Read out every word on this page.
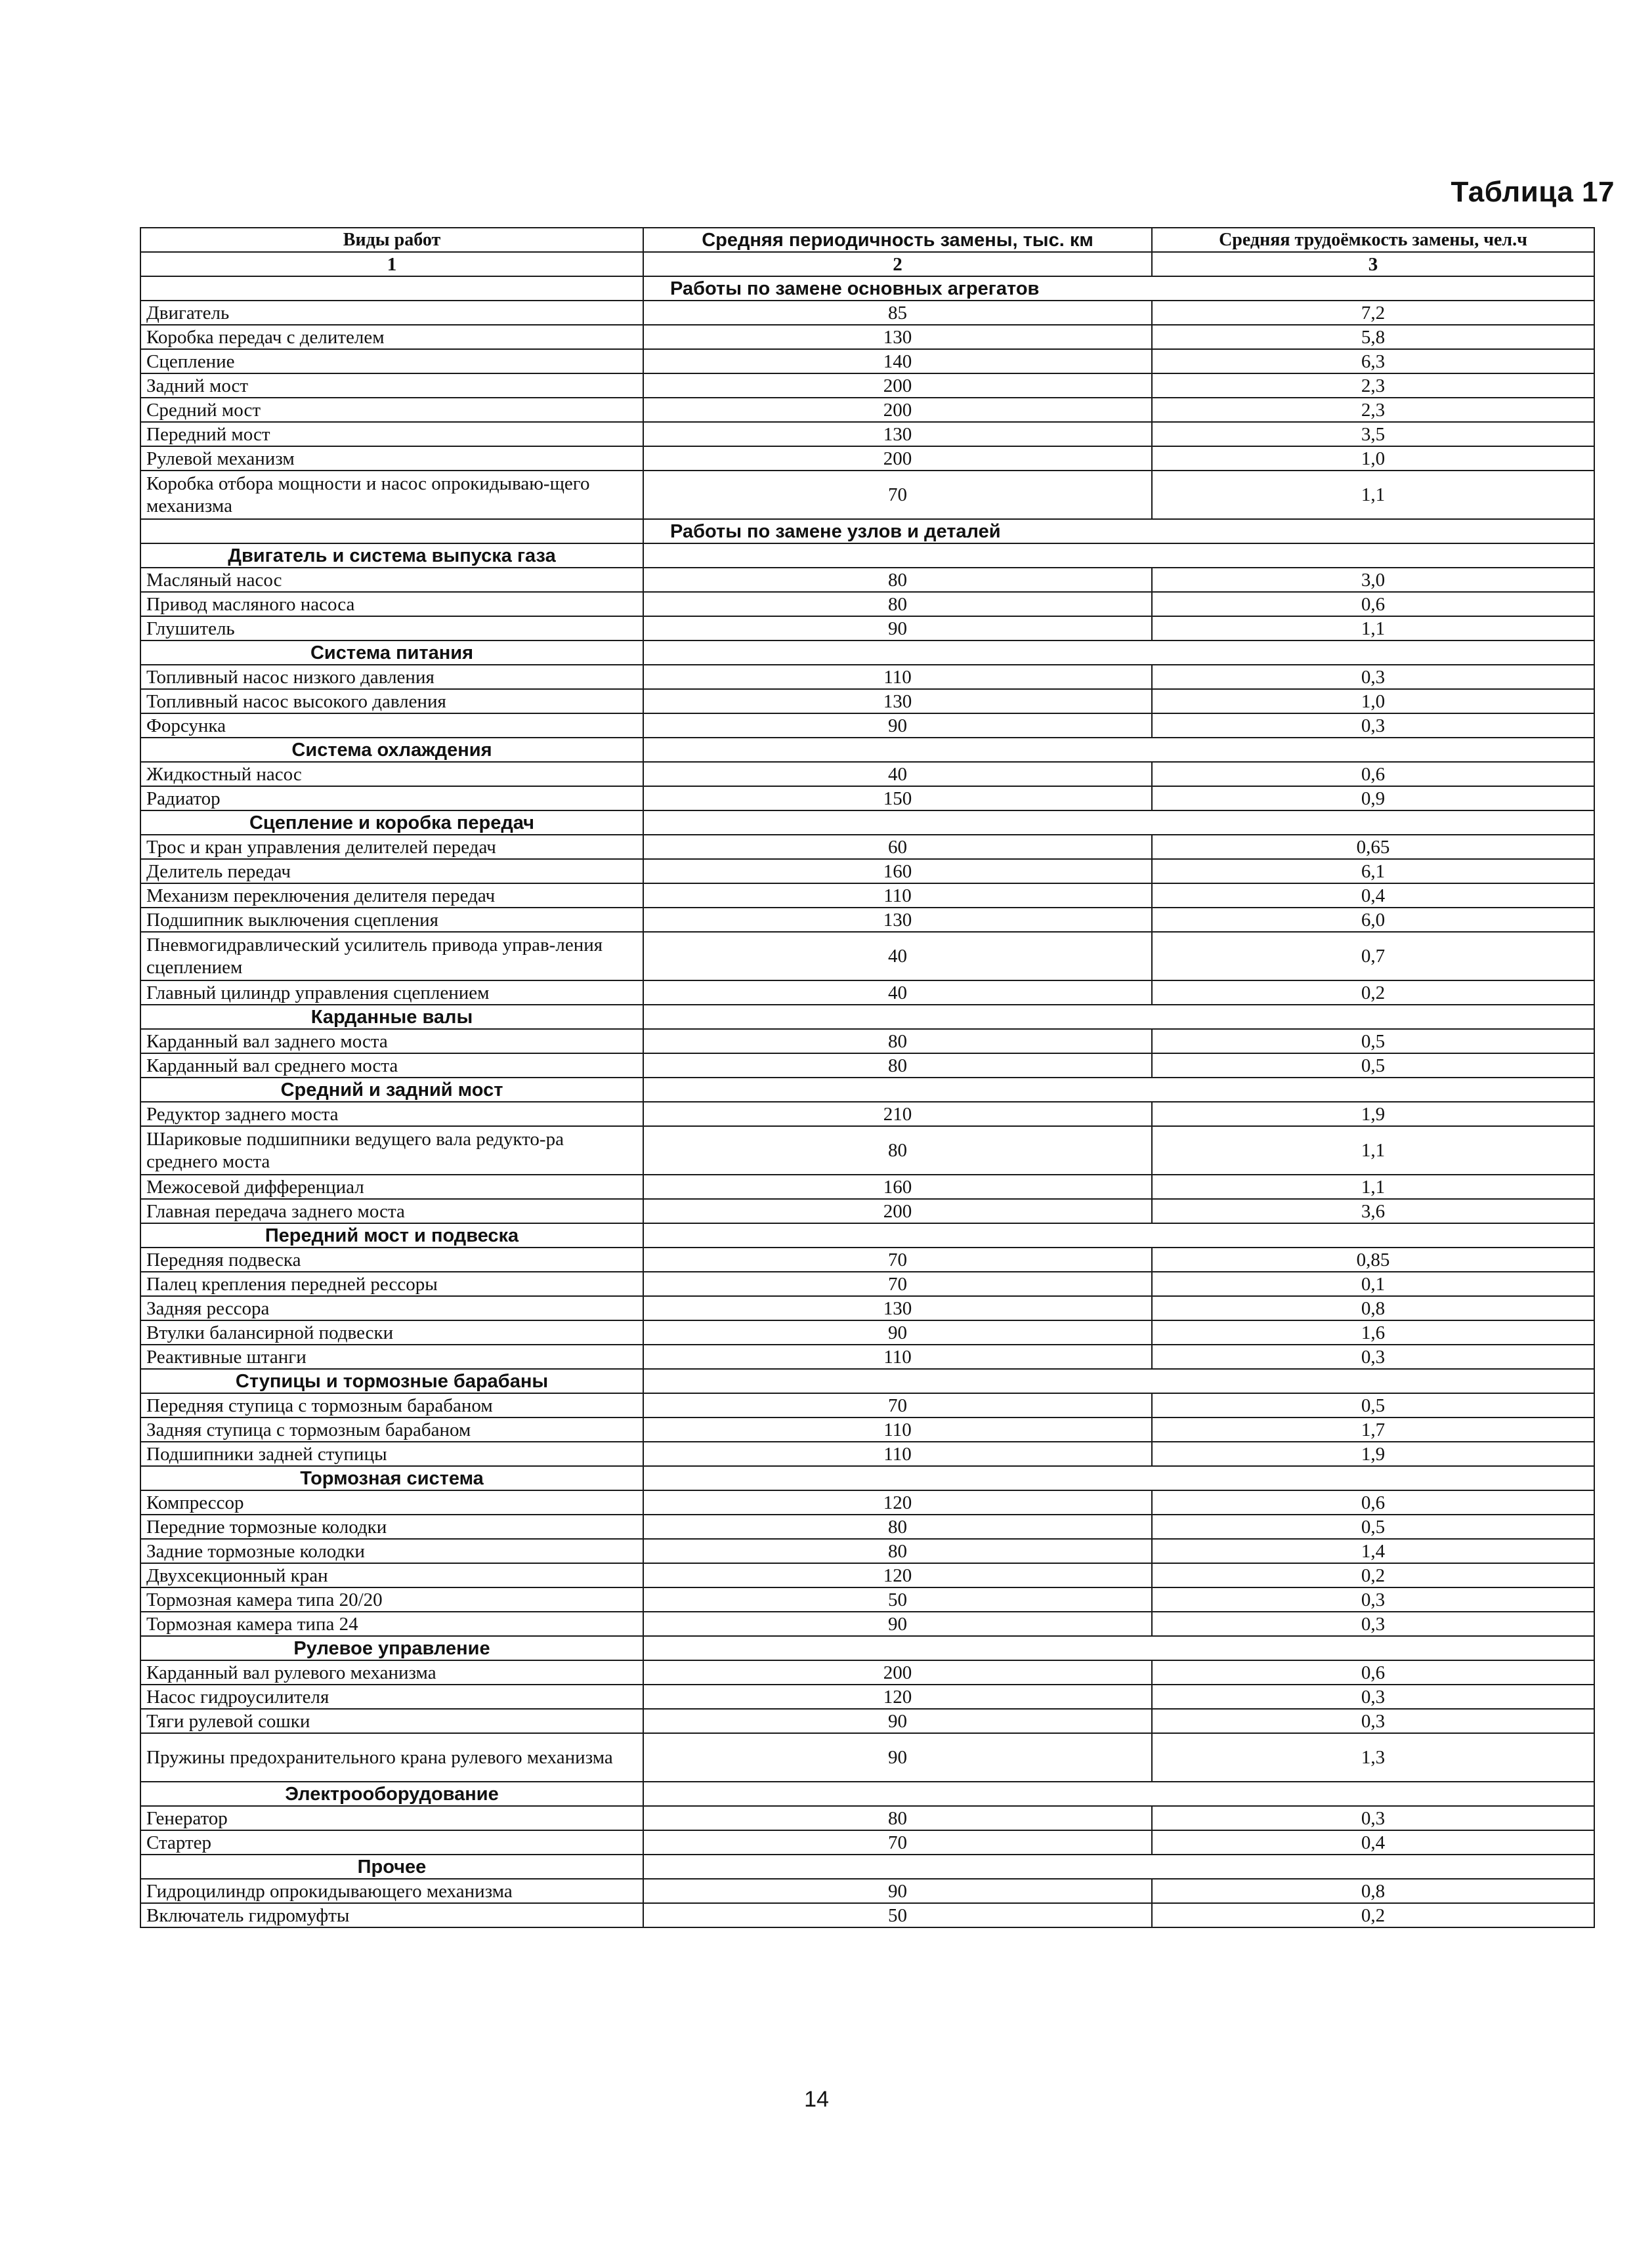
Таблица 17
Виды работ	Средняя периодичность замены, тыс. км	Средняя трудоёмкость замены, чел.ч
1	2	3
	Работы по замене основных агрегатов	
Двигатель	85	7,2
Коробка передач с делителем	130	5,8
Сцепление	140	6,3
Задний мост	200	2,3
Средний мост	200	2,3
Передний мост	130	3,5
Рулевой механизм	200	1,0
Коробка отбора мощности и насос опрокидываю-щего механизма	70	1,1
	Работы по замене узлов и деталей	
Двигатель и система выпуска газа		
Масляный насос	80	3,0
Привод масляного насоса	80	0,6
Глушитель	90	1,1
Система питания		
Топливный насос низкого давления	110	0,3
Топливный насос высокого давления	130	1,0
Форсунка	90	0,3
Система охлаждения		
Жидкостный насос	40	0,6
Радиатор	150	0,9
Сцепление и коробка передач		
Трос и кран управления делителей передач	60	0,65
Делитель передач	160	6,1
Механизм переключения делителя передач	110	0,4
Подшипник выключения сцепления	130	6,0
Пневмогидравлический усилитель привода управ-ления сцеплением	40	0,7
Главный цилиндр управления сцеплением	40	0,2
Карданные валы		
Карданный вал заднего моста	80	0,5
Карданный вал среднего моста	80	0,5
Средний и задний мост		
Редуктор заднего моста	210	1,9
Шариковые подшипники ведущего вала редукто-ра среднего моста	80	1,1
Межосевой дифференциал	160	1,1
Главная передача заднего моста	200	3,6
Передний мост и подвеска		
Передняя подвеска	70	0,85
Палец крепления передней рессоры	70	0,1
Задняя рессора	130	0,8
Втулки балансирной подвески	90	1,6
Реактивные штанги	110	0,3
Ступицы и тормозные барабаны		
Передняя ступица с тормозным барабаном	70	0,5
Задняя ступица с тормозным барабаном	110	1,7
Подшипники задней ступицы	110	1,9
Тормозная система		
Компрессор	120	0,6
Передние тормозные колодки	80	0,5
Задние тормозные колодки	80	1,4
Двухсекционный кран	120	0,2
Тормозная камера типа 20/20	50	0,3
Тормозная камера типа 24	90	0,3
Рулевое управление		
Карданный вал рулевого механизма	200	0,6
Насос гидроусилителя	120	0,3
Тяги рулевой сошки	90	0,3
Пружины предохранительного крана рулевого механизма	90	1,3
Электрооборудование		
Генератор	80	0,3
Стартер	70	0,4
Прочее		
Гидроцилиндр опрокидывающего механизма	90	0,8
Включатель гидромуфты	50	0,2
14
